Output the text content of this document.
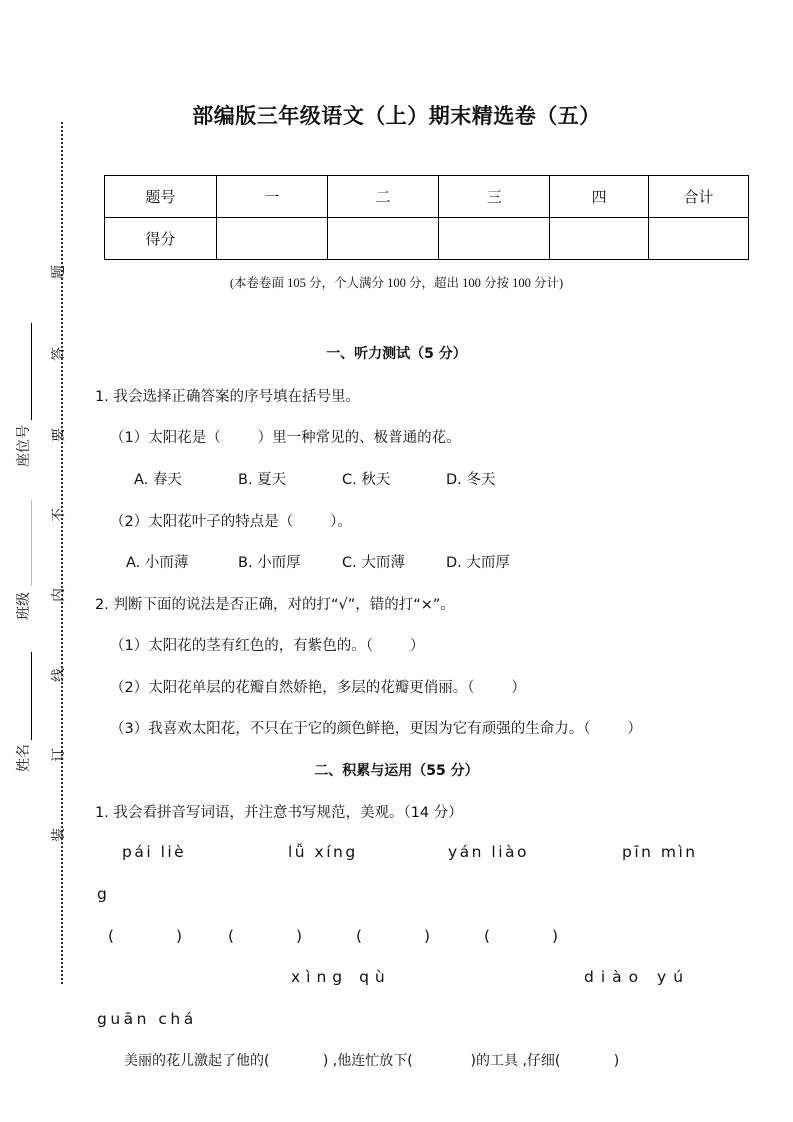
题
答
要
不
内
线
订
装
座位号
班级
姓名
部编版三年级语文（上）期末精选卷（五）
题号	一	二	三	四	合计
得分					
(本卷卷面 105 分，个人满分 100 分，超出 100 分按 100 分计)
一、听力测试（5 分）
1. 我会选择正确答案的序号填在括号里。
（1）太阳花是（        ）里一种常见的、极普通的花。
A. 春天	B. 夏天	C. 秋天	D. 冬天
（2）太阳花叶子的特点是（        ）。
A. 小而薄	B. 小而厚	C. 大而薄	D. 大而厚
2. 判断下面的说法是否正确，对的打“√”，错的打“×”。
（1）太阳花的茎有红色的，有紫色的。（        ）
（2）太阳花单层的花瓣自然娇艳，多层的花瓣更俏丽。（        ）
（3）我喜欢太阳花，不只在于它的颜色鲜艳，更因为它有顽强的生命力。（        ）
二、积累与运用（55 分）
1. 我会看拼音写词语，并注意书写规范，美观。（14 分）
pái liè	lǚ xíng	yán liào	pīn mìn
g
(        )	(        )	(        )	(        )
xìng qù	diào yú
guān chá
美丽的花儿激起了他的(            ) ,他连忙放下(             )的工具 ,仔细(            )
